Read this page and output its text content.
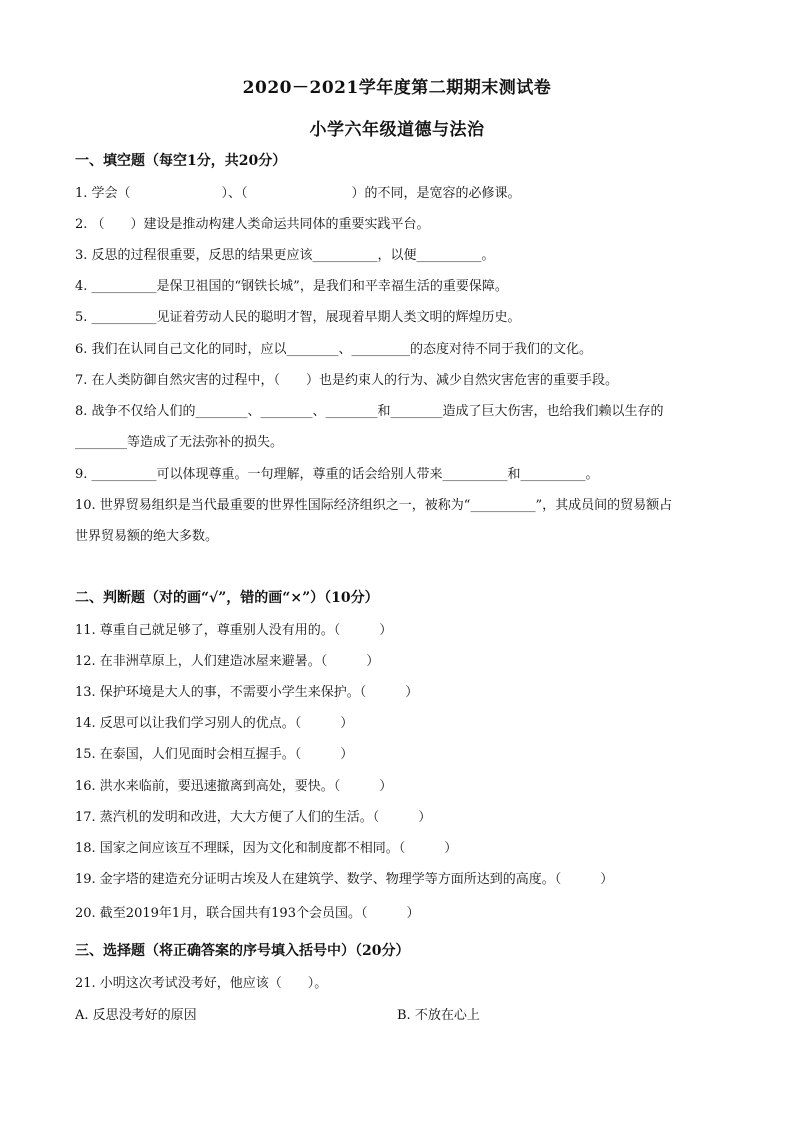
2020－2021学年度第二期期末测试卷
小学六年级道德与法治
一、填空题（每空1分，共20分）
1. 学会（　　　　　　　）、（　　　　　　　　）的不同，是宽容的必修课。
2. （　　）建设是推动构建人类命运共同体的重要实践平台。
3. 反思的过程很重要，反思的结果更应该__________，以便__________。
4. __________是保卫祖国的“钢铁长城”，是我们和平幸福生活的重要保障。
5. __________见证着劳动人民的聪明才智，展现着早期人类文明的辉煌历史。
6. 我们在认同自己文化的同时，应以________、_________的态度对待不同于我们的文化。
7. 在人类防御自然灾害的过程中，（　　）也是约束人的行为、减少自然灾害危害的重要手段。
8. 战争不仅给人们的________、________、________和________造成了巨大伤害，也给我们赖以生存的
________等造成了无法弥补的损失。
9. __________可以体现尊重。一句理解，尊重的话会给别人带来__________和__________。
10. 世界贸易组织是当代最重要的世界性国际经济组织之一，被称为“__________”，其成员间的贸易额占
世界贸易额的绝大多数。
二、判断题（对的画“√”，错的画“×”）（10分）
11. 尊重自己就足够了，尊重别人没有用的。（　　　）
12. 在非洲草原上，人们建造冰屋来避暑。（　　　）
13. 保护环境是大人的事，不需要小学生来保护。（　　　）
14. 反思可以让我们学习别人的优点。（　　　）
15. 在泰国，人们见面时会相互握手。（　　　）
16. 洪水来临前，要迅速撤离到高处，要快。（　　　）
17. 蒸汽机的发明和改进，大大方便了人们的生活。（　　　）
18. 国家之间应该互不理睬，因为文化和制度都不相同。（　　　）
19. 金字塔的建造充分证明古埃及人在建筑学、数学、物理学等方面所达到的高度。（　　　）
20. 截至2019年1月，联合国共有193个会员国。（　　　）
三、选择题（将正确答案的序号填入括号中）（20分）
21. 小明这次考试没考好，他应该（　　）。
A. 反思没考好的原因	B. 不放在心上
